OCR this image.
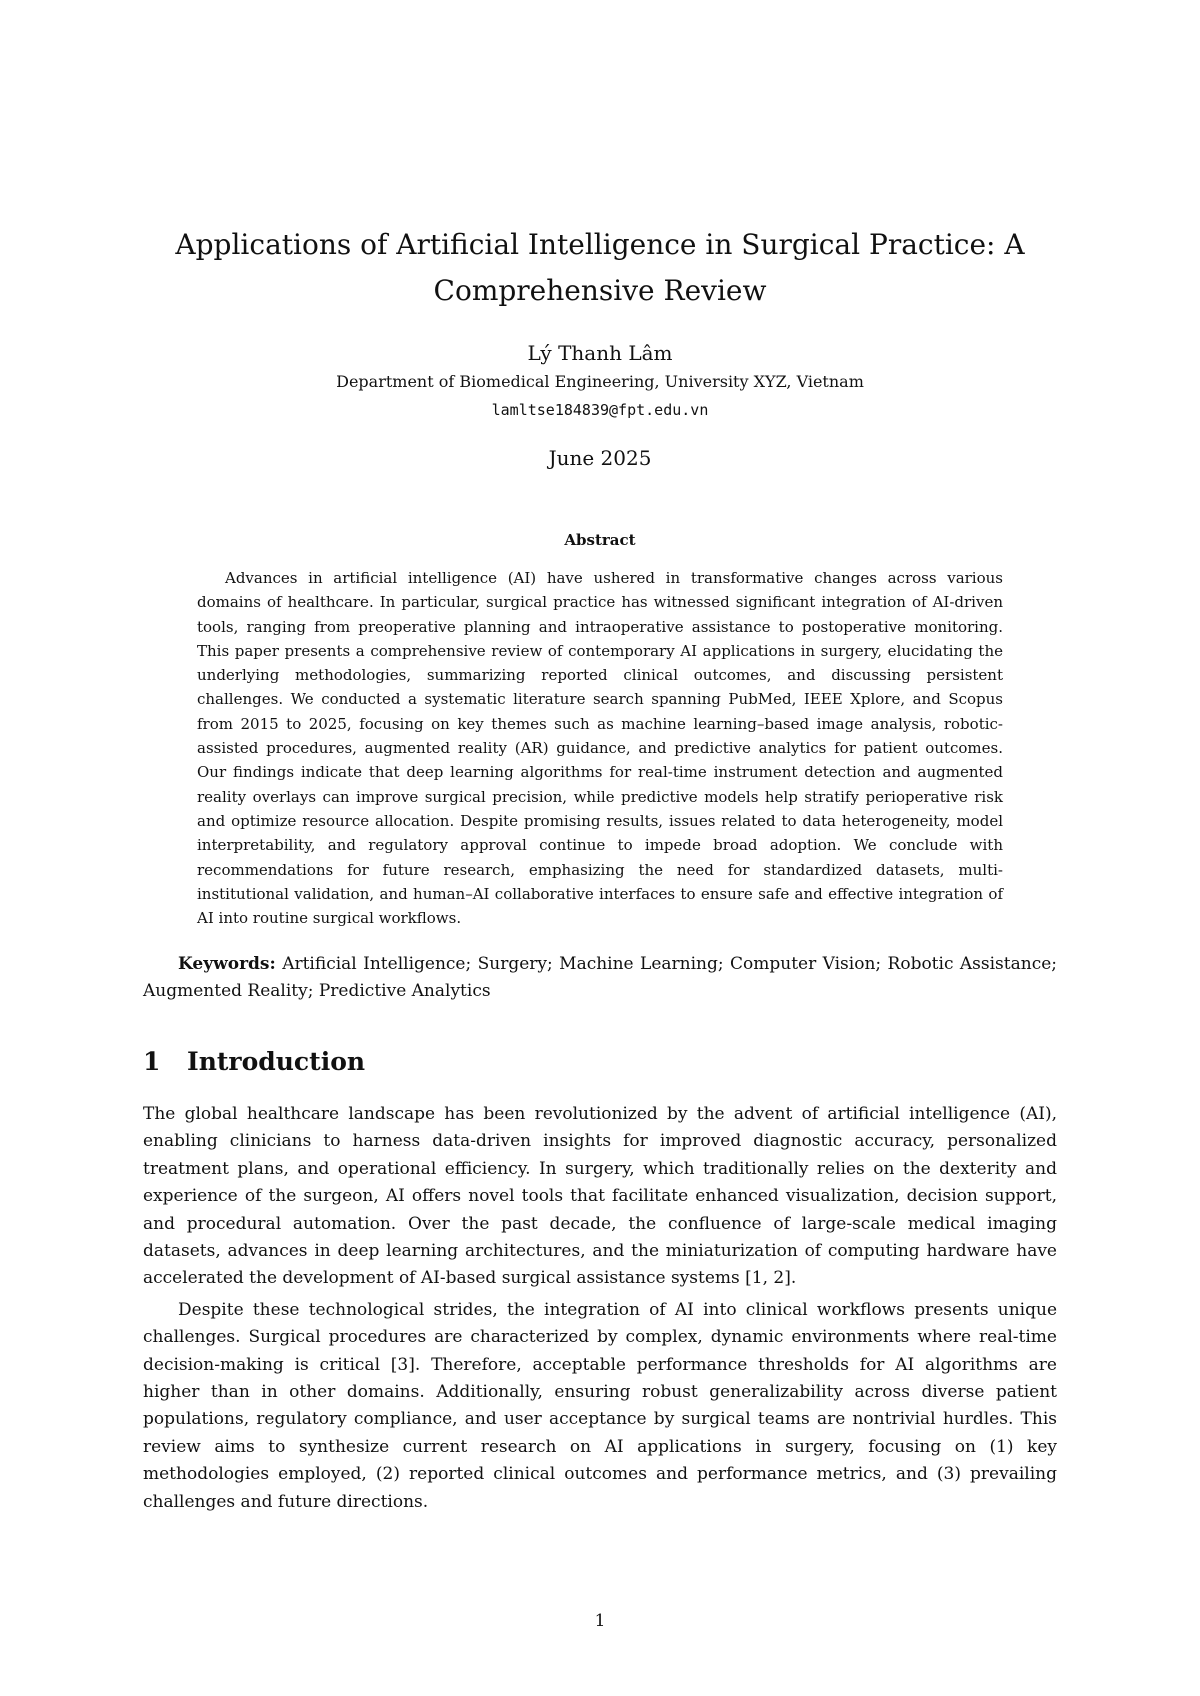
Applications of Artificial Intelligence in Surgical Practice: A Comprehensive Review
Lý Thanh Lâm
Department of Biomedical Engineering, University XYZ, Vietnam
lamltse184839@fpt.edu.vn
June 2025
Abstract

Advances in artificial intelligence (AI) have ushered in transformative changes across various domains of healthcare. In particular, surgical practice has witnessed significant integration of AI-driven tools, ranging from preoperative planning and intraoperative assistance to postoperative monitoring. This paper presents a comprehensive review of contemporary AI applications in surgery, elucidating the underlying methodologies, summarizing reported clinical outcomes, and discussing persistent challenges. We conducted a systematic literature search spanning PubMed, IEEE Xplore, and Scopus from 2015 to 2025, focusing on key themes such as machine learning–based image analysis, robotic-assisted procedures, augmented reality (AR) guidance, and predictive analytics for patient outcomes. Our findings indicate that deep learning algorithms for real-time instrument detection and augmented reality overlays can improve surgical precision, while predictive models help stratify perioperative risk and optimize resource allocation. Despite promising results, issues related to data heterogeneity, model interpretability, and regulatory approval continue to impede broad adoption. We conclude with recommendations for future research, emphasizing the need for standardized datasets, multi-institutional validation, and human–AI collaborative interfaces to ensure safe and effective integration of AI into routine surgical workflows.

Keywords: Artificial Intelligence; Surgery; Machine Learning; Computer Vision; Robotic Assistance; Augmented Reality; Predictive Analytics

1 Introduction

The global healthcare landscape has been revolutionized by the advent of artificial intelligence (AI), enabling clinicians to harness data-driven insights for improved diagnostic accuracy, personalized treatment plans, and operational efficiency. In surgery, which traditionally relies on the dexterity and experience of the surgeon, AI offers novel tools that facilitate enhanced visualization, decision support, and procedural automation. Over the past decade, the confluence of large-scale medical imaging datasets, advances in deep learning architectures, and the miniaturization of computing hardware have accelerated the development of AI-based surgical assistance systems [1, 2].

Despite these technological strides, the integration of AI into clinical workflows presents unique challenges. Surgical procedures are characterized by complex, dynamic environments where real-time decision-making is critical [3]. Therefore, acceptable performance thresholds for AI algorithms are higher than in other domains. Additionally, ensuring robust generalizability across diverse patient populations, regulatory compliance, and user acceptance by surgical teams are nontrivial hurdles. This review aims to synthesize current research on AI applications in surgery, focusing on (1) key methodologies employed, (2) reported clinical outcomes and performance metrics, and (3) prevailing challenges and future directions.

1
